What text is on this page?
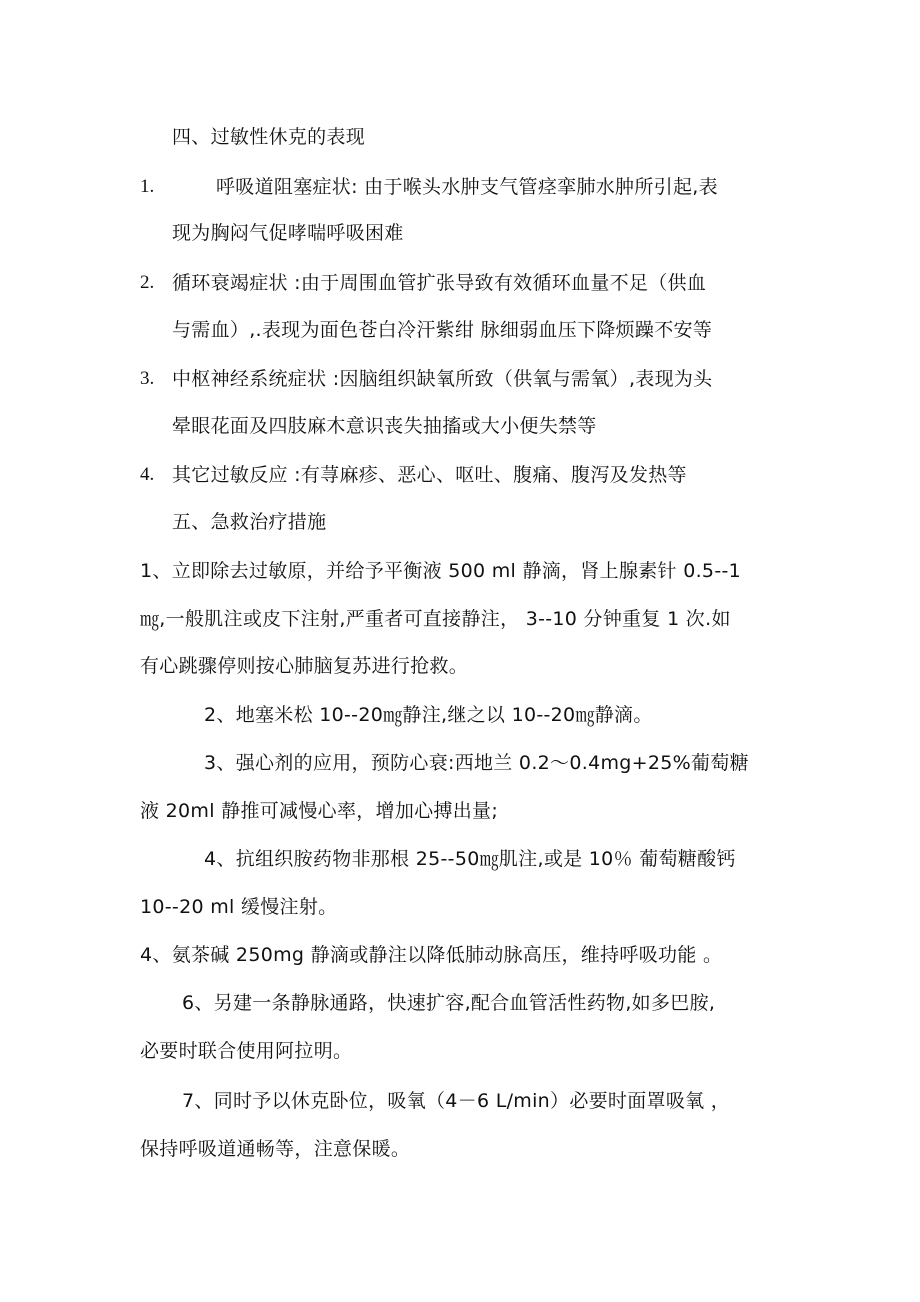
四、过敏性休克的表现
1.	呼吸道阻塞症状: 由于喉头水肿支气管痉挛肺水肿所引起,表
现为胸闷气促哮喘呼吸困难
2. 循环衰竭症状 :由于周围血管扩张导致有效循环血量不足（供血
与需血）,.表现为面色苍白冷汗紫绀 脉细弱血压下降烦躁不安等
3. 中枢神经系统症状 :因脑组织缺氧所致（供氧与需氧）,表现为头
晕眼花面及四肢麻木意识丧失抽搐或大小便失禁等
4. 其它过敏反应 :有荨麻疹、恶心、呕吐、腹痛、腹泻及发热等
五、急救治疗措施
1、立即除去过敏原，并给予平衡液 500 ml 静滴，肾上腺素针 0.5--1
㎎,一般肌注或皮下注射,严重者可直接静注， 3--10 分钟重复 1 次.如
有心跳骤停则按心肺脑复苏进行抢救。
2、地塞米松 10--20㎎静注,继之以 10--20㎎静滴。
3、强心剂的应用，预防心衰:西地兰 0.2～0.4mg+25%葡萄糖
液 20ml 静推可减慢心率，增加心搏出量;
4、抗组织胺药物非那根 25--50㎎肌注,或是 10％ 葡萄糖酸钙
10--20 ml 缓慢注射。
4、氨茶碱 250mg 静滴或静注以降低肺动脉高压，维持呼吸功能 。
6、另建一条静脉通路，快速扩容,配合血管活性药物,如多巴胺,
必要时联合使用阿拉明。
7、同时予以休克卧位，吸氧（4－6 L/min）必要时面罩吸氧 ，
保持呼吸道通畅等，注意保暖。
